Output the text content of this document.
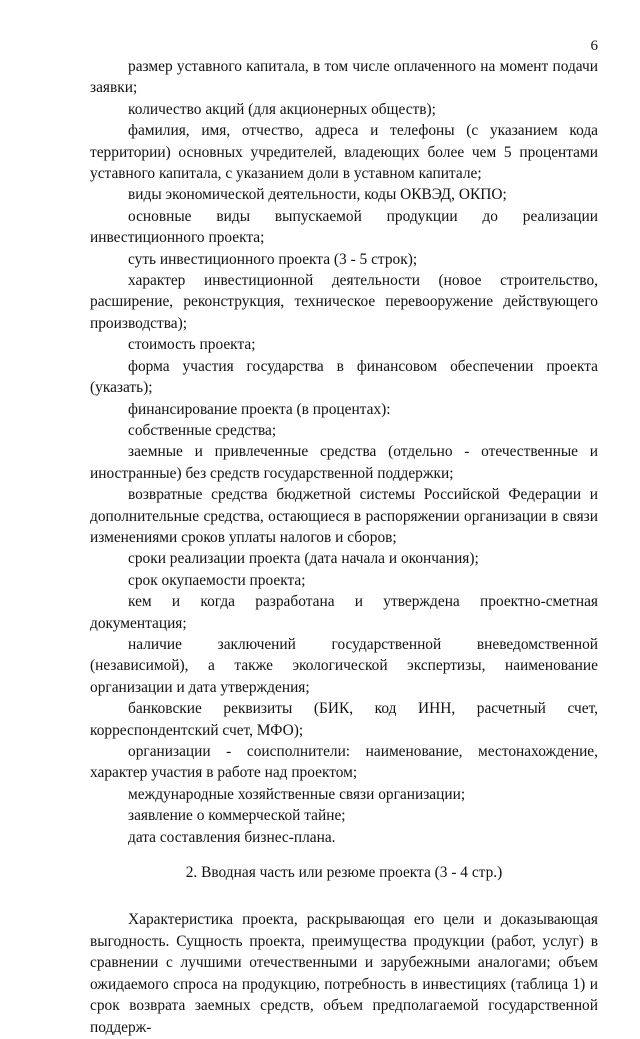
6

размер уставного капитала, в том числе оплаченного на момент подачи заявки;

количество акций (для акционерных обществ);

фамилия, имя, отчество, адреса и телефоны (с указанием кода территории) основных учредителей, владеющих более чем 5 процентами уставного капитала, с указанием доли в уставном капитале;

виды экономической деятельности, коды ОКВЭД, ОКПО;

основные виды выпускаемой продукции до реализации инвестиционного проекта;

суть инвестиционного проекта (3 - 5 строк);

характер инвестиционной деятельности (новое строительство, расширение, реконструкция, техническое перевооружение действующего производства);

стоимость проекта;

форма участия государства в финансовом обеспечении проекта (указать);

финансирование проекта (в процентах):

собственные средства;

заемные и привлеченные средства (отдельно - отечественные и иностранные) без средств государственной поддержки;

возвратные средства бюджетной системы Российской Федерации и дополнительные средства, остающиеся в распоряжении организации в связи изменениями сроков уплаты налогов и сборов;

сроки реализации проекта (дата начала и окончания);

срок окупаемости проекта;

кем и когда разработана и утверждена проектно-сметная документация;

наличие заключений государственной вневедомственной (независимой), а также экологической экспертизы, наименование организации и дата утверждения;

банковские реквизиты (БИК, код ИНН, расчетный счет, корреспондентский счет, МФО);

организации - соисполнители: наименование, местонахождение, характер участия в работе над проектом;

международные хозяйственные связи организации;

заявление о коммерческой тайне;

дата составления бизнес-плана.

2. Вводная часть или резюме проекта (3 - 4 стр.)

Характеристика проекта, раскрывающая его цели и доказывающая выгодность. Сущность проекта, преимущества продукции (работ, услуг) в сравнении с лучшими отечественными и зарубежными аналогами; объем ожидаемого спроса на продукцию, потребность в инвестициях (таблица 1) и срок возврата заемных средств, объем предполагаемой государственной поддерж-
